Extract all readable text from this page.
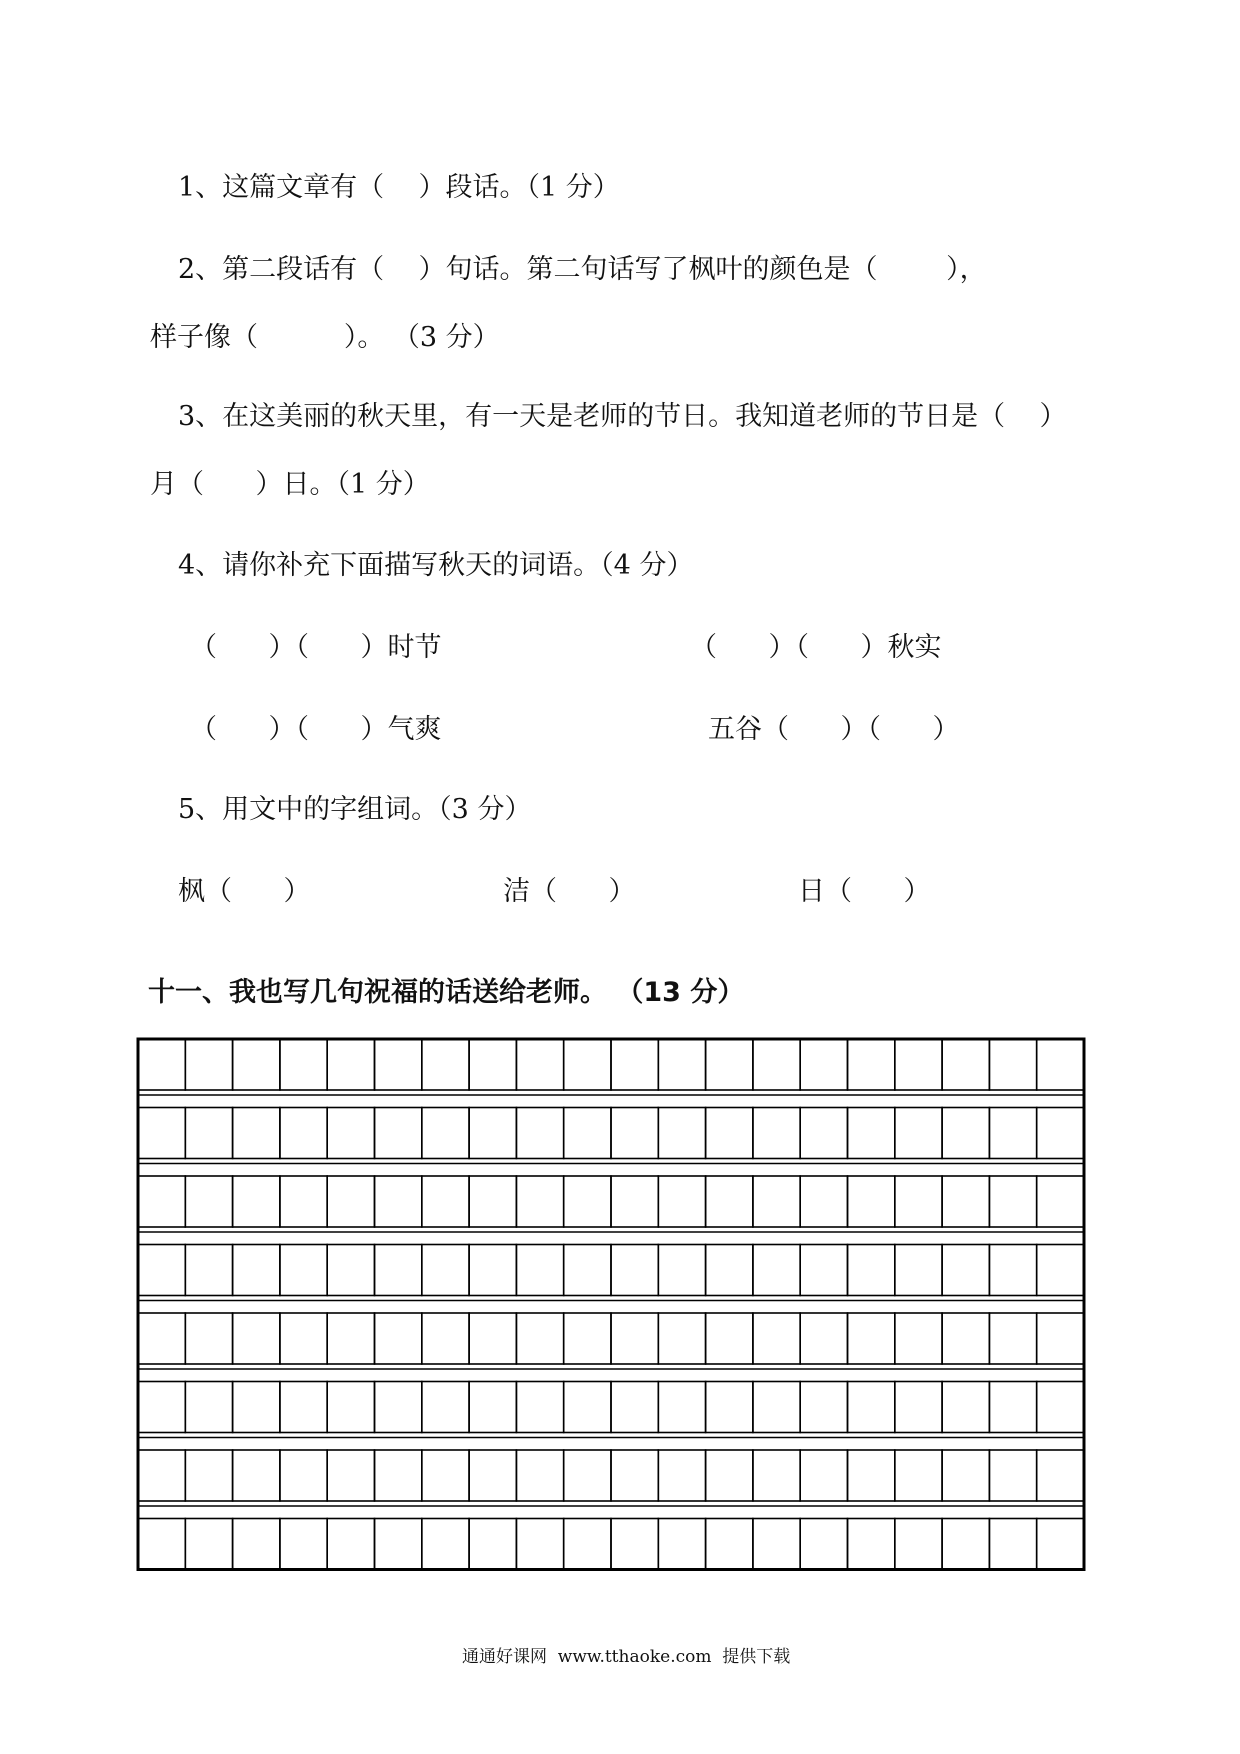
1、这篇文章有（    ）段话。（1 分）
2、第二段话有（    ）句话。第二句话写了枫叶的颜色是（        ），
样子像（          ）。 （3 分）
3、在这美丽的秋天里，有一天是老师的节日。我知道老师的节日是（    ）
月（      ）日。（1 分）
4、请你补充下面描写秋天的词语。（4 分）
（      ）（      ）时节	（      ）（      ）秋实
（      ）（      ）气爽	五谷（      ）（      ）
5、用文中的字组词。（3 分）
枫（      ）	洁（      ）	日（      ）
十一、我也写几句祝福的话送给老师。 （13 分）
通通好课网  www.tthaoke.com  提供下载
